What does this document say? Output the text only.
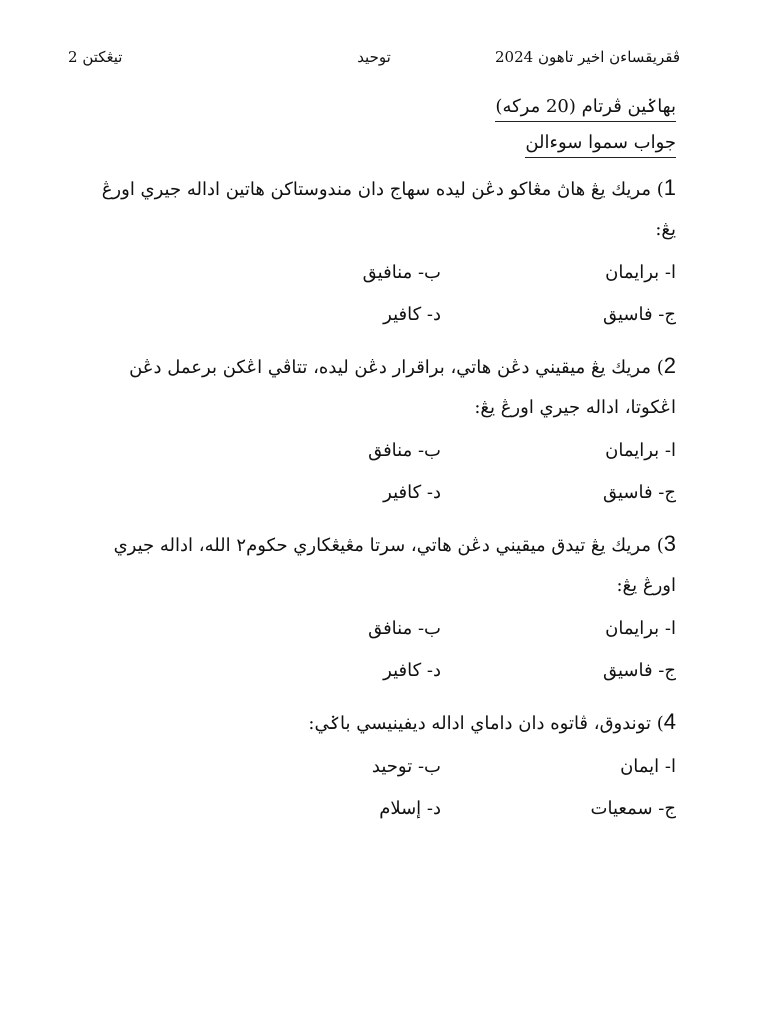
ڤقريقساءن اخير تاهون 2024
توحيد
تيڠكتن 2
بهاݢين ڤرتام (20 مركه)
جواب سموا سوءالن
1) مريك يڠ هاڽ مڠاكو دڠن ليده سهاج دان مندوستاكن هاتين اداله جيري اورڠ يڠ:
ا- برايمان
ب- منافيق
ج- فاسيق
د- كافير
2) مريك يڠ ميقيني دڠن هاتي، براقرار دڠن ليده، تتاڤي اڠكن برعمل دڠن اڠكوتا، اداله جيري اورڠ يڠ:
ا- برايمان
ب- منافق
ج- فاسيق
د- كافير
3) مريك يڠ تيدق ميقيني دڠن هاتي، سرتا مڠيڠكاري حكوم٢ الله، اداله جيري اورڠ يڠ:
ا- برايمان
ب- منافق
ج- فاسيق
د- كافير
4) توندوق، ڤاتوه دان داماي اداله ديفينيسي باݢي:
ا- ايمان
ب- توحيد
ج- سمعيات
د- إسلام
